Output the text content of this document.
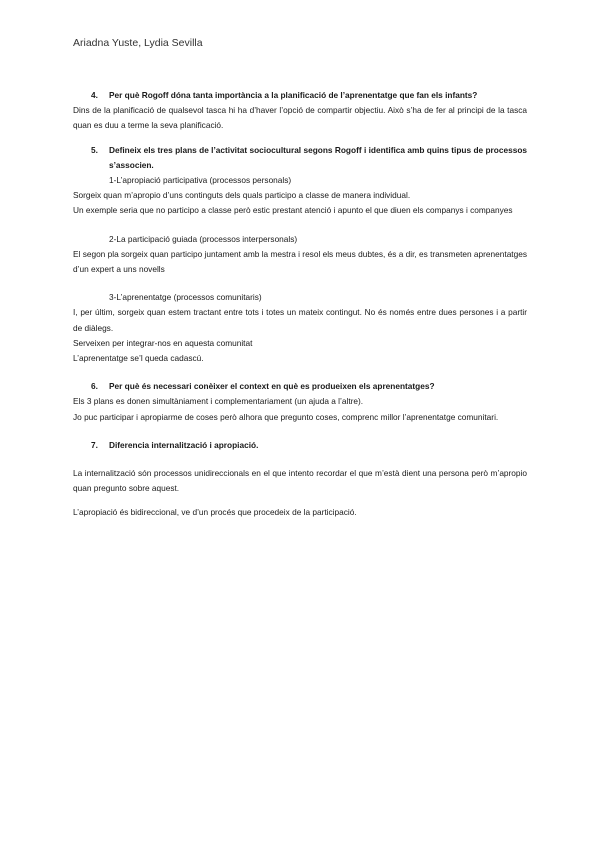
Ariadna Yuste, Lydia Sevilla
4.	Per què Rogoff dóna tanta importància a la planificació de l’aprenentatge que fan els infants?

Dins de la planificació de qualsevol tasca hi ha d’haver l’opció de compartir objectiu. Això s’ha de fer al principi de la tasca quan es duu a terme la seva planificació.

5.	Defineix els tres plans de l’activitat sociocultural segons Rogoff i identifica amb quins tipus de processos s’associen.

1-L’apropiació participativa (processos personals)

Sorgeix quan m’apropio d’uns continguts dels quals participo a classe de manera individual.

Un exemple seria que no participo a classe però estic prestant atenció i apunto el que diuen els companys i companyes

2-La participació guiada (processos interpersonals)

El segon pla sorgeix quan participo juntament amb la mestra i resol els meus dubtes, és a dir, es transmeten aprenentatges d’un expert a uns novells

3-L’aprenentatge (processos comunitaris)

I, per últim, sorgeix quan estem tractant entre tots i totes un mateix contingut. No és només entre dues persones i a partir de diàlegs.

Serveixen per integrar-nos en aquesta comunitat

L’aprenentatge se’l queda cadascú.

6.	Per què és necessari conèixer el context en què es produeixen els aprenentatges?

Els 3 plans es donen simultàniament i complementariament (un ajuda a l’altre).

Jo puc participar i apropiarme de coses però alhora que pregunto coses, comprenc millor l’aprenentatge comunitari.

7.	Diferencia internalització i apropiació.

La internalització són processos unidireccionals en el que intento recordar el que m’està dient una persona però m’apropio quan pregunto sobre aquest.

L’apropiació és bidireccional, ve d’un procés que procedeix de la participació.
